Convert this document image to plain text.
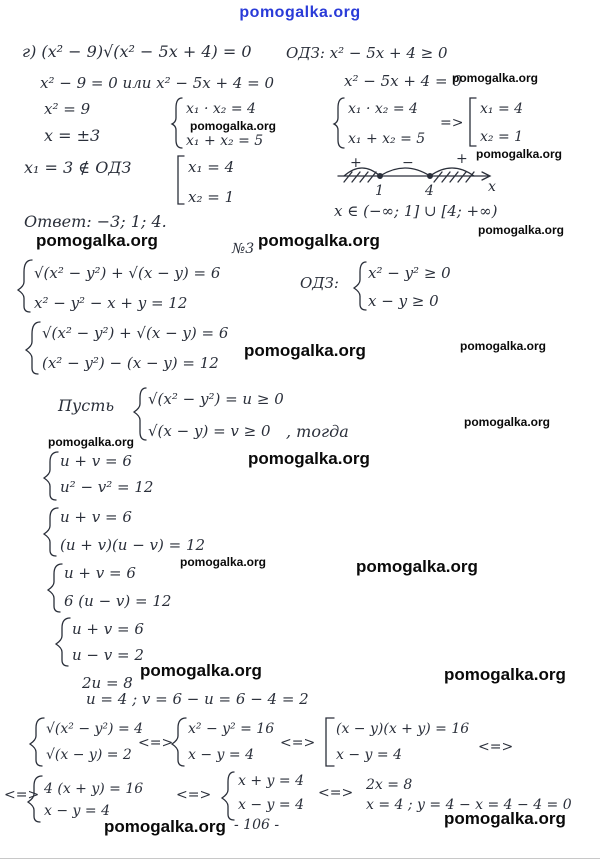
pomogalka.org
г) (x² − 9)√(x² − 5x + 4) = 0 ОДЗ: x² − 5x + 4 ≥ 0
x² − 5x + 4 = 0
x² − 9 = 0 или x² − 5x + 4 = 0
x² = 9	x₁ · x₂ = 4
x₁ + x₂ = 5
x₁ · x₂ = 4
x₁ + x₂ = 5
=>
x₁ = 4
x₂ = 1
x = ±3
+	−	+
x
1	4
x₁ = 3 ∉ ОДЗ	x₁ = 4
x₂ = 1
x ∈ (−∞; 1] ∪ [4; +∞)
Ответ: −3; 1; 4.
№3
√(x² − y²) + √(x − y) = 6
x² − y² − x + y = 12
ОДЗ:
x² − y² ≥ 0
x − y ≥ 0
√(x² − y²) + √(x − y) = 6
(x² − y²) − (x − y) = 12
Пусть √(x² − y²) = u ≥ 0
√(x − y) = v ≥ 0 , тогда
u + v = 6
u² − v² = 12
u + v = 6
(u + v)(u − v) = 12
u + v = 6
6 (u − v) = 12
u + v = 6
u − v = 2
2u = 8
u = 4 ; v = 6 − u = 6 − 4 = 2
√(x² − y²) = 4
√(x − y) = 2
<=>
x² − y² = 16
x − y = 4
<=>
(x − y)(x + y) = 16
x − y = 4	<=>
<=> 4 (x + y) = 16
x − y = 4
<=>
x + y = 4
x − y = 4
<=> 2x = 8
x = 4 ; y = 4 − x = 4 − 4 = 0
- 106 -
pomogalka.org
pomogalka.org
pomogalka.org
pomogalka.org
pomogalka.org	pomogalka.org
pomogalka.org	pomogalka.org
pomogalka.org
pomogalka.org
pomogalka.org
pomogalka.org	pomogalka.org
pomogalka.org	pomogalka.org
pomogalka.org	pomogalka.org
